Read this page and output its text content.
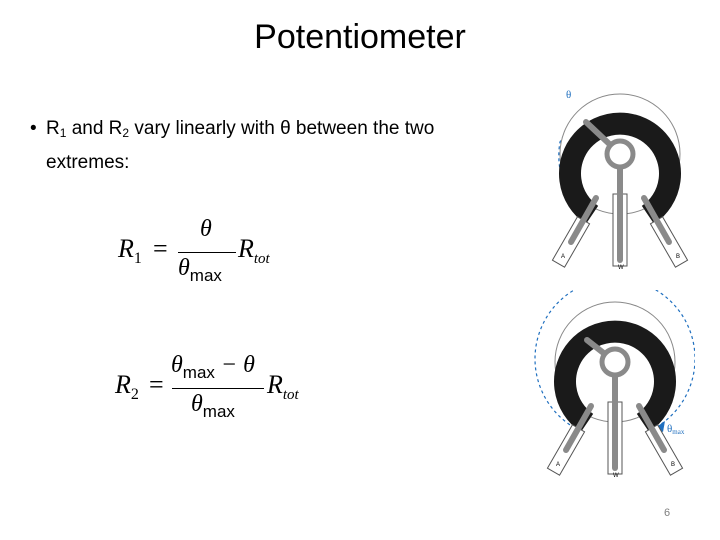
Potentiometer
• $R_1$ and $R_2$ vary linearly with θ between the two extremes:
$R_1$ =
θ
$\theta_{max}$
$R_{tot}$
$R_2$ =
$\theta_{max} - \theta$
$\theta_{max}$
$R_{tot}$
θ
A
W
B
θmax
A
W
B
6
